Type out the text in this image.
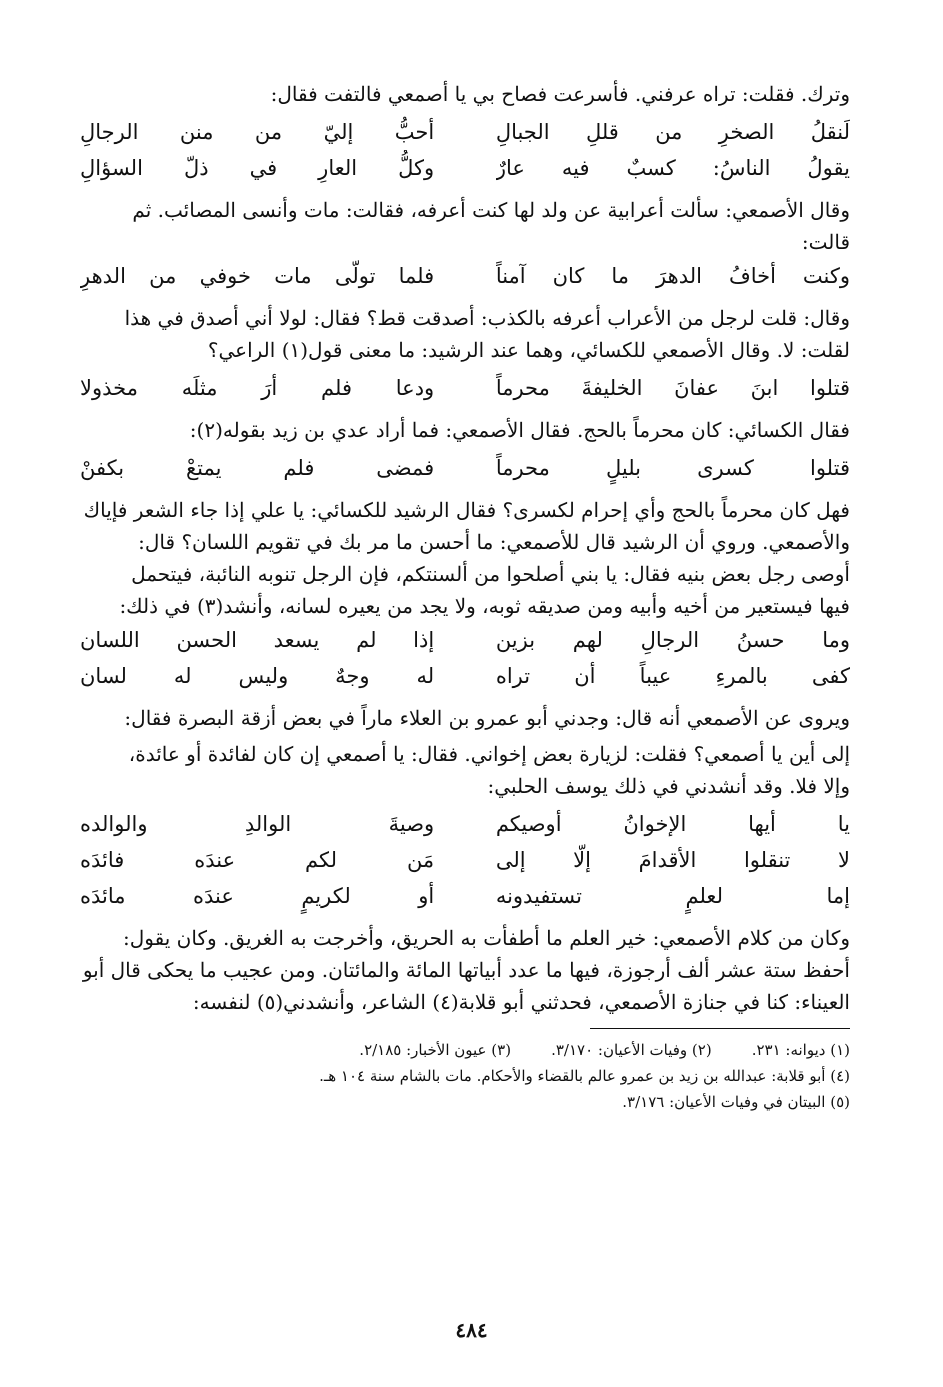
وترك. فقلت: تراه عرفني. فأسرعت فصاح بي يا أصمعي فالتفت فقال:
لَنقلُ الصخرِ من قللِ الجبالِ
أحبُّ إليّ من منن الرجالِ
يقولُ الناسُ: كسبٌ فيه عارٌ
وكلُّ العارِ في ذلّ السؤالِ
وقال الأصمعي: سألت أعرابية عن ولد لها كنت أعرفه، فقالت: مات وأنسى المصائب. ثم
قالت:
وكنت أخافُ الدهرَ ما كان آمناً
فلما تولّى مات خوفي من الدهرِ
وقال: قلت لرجل من الأعراب أعرفه بالكذب: أصدقت قط؟ فقال: لولا أني أصدق في هذا
لقلت: لا. وقال الأصمعي للكسائي، وهما عند الرشيد: ما معنى قول(١) الراعي؟
قتلوا ابنَ عفانَ الخليفةَ محرماً
ودعا فلم أرَ مثلَه مخذولا
فقال الكسائي: كان محرماً بالحج. فقال الأصمعي: فما أراد عدي بن زيد بقوله(٢):
قتلوا كسرى بليلٍ محرماً
فمضى فلم يمتعْ بكفنْ
فهل كان محرماً بالحج وأي إحرام لكسرى؟ فقال الرشيد للكسائي: يا علي إذا جاء الشعر فإياك
والأصمعي. وروي أن الرشيد قال للأصمعي: ما أحسن ما مر بك في تقويم اللسان؟ قال:
أوصى رجل بعض بنيه فقال: يا بني أصلحوا من ألسنتكم، فإن الرجل تنوبه النائبة، فيتحمل
فيها فيستعير من أخيه وأبيه ومن صديقه ثوبه، ولا يجد من يعيره لسانه، وأنشد(٣) في ذلك:
وما حسنُ الرجالِ لهم بزين
إذا لم يسعد الحسن اللسان
كفى بالمرءِ عيباً أن تراه
له وجهٌ وليس له لسان
ويروى عن الأصمعي أنه قال: وجدني أبو عمرو بن العلاء ماراً في بعض أزقة البصرة فقال:
إلى أين يا أصمعي؟ فقلت: لزيارة بعض إخواني. فقال: يا أصمعي إن كان لفائدة أو عائدة،
وإلا فلا. وقد أنشدني في ذلك يوسف الحلبي:
يا أيها الإخوانُ أوصيكم
وصيةَ الوالدِ والوالده
لا تنقلوا الأقدامَ إلّا إلى
مَن لكم عندَه فائدَه
إما لعلمٍ تستفيدونه
أو لكريمٍ عندَه مائدَه
وكان من كلام الأصمعي: خير العلم ما أطفأت به الحريق، وأخرجت به الغريق. وكان يقول:
أحفظ ستة عشر ألف أرجوزة، فيها ما عدد أبياتها المائة والمائتان. ومن عجيب ما يحكى قال أبو
العيناء: كنا في جنازة الأصمعي، فحدثني أبو قلابة(٤) الشاعر، وأنشدني(٥) لنفسه:
(١) ديوانه: ٢٣١.
(٢) وفيات الأعيان: ٣/١٧٠.
(٣) عيون الأخبار: ٢/١٨٥.
(٤) أبو قلابة: عبدالله بن زيد بن عمرو عالم بالقضاء والأحكام. مات بالشام سنة ١٠٤ هـ.
(٥) البيتان في وفيات الأعيان: ٣/١٧٦.
٤٨٤
